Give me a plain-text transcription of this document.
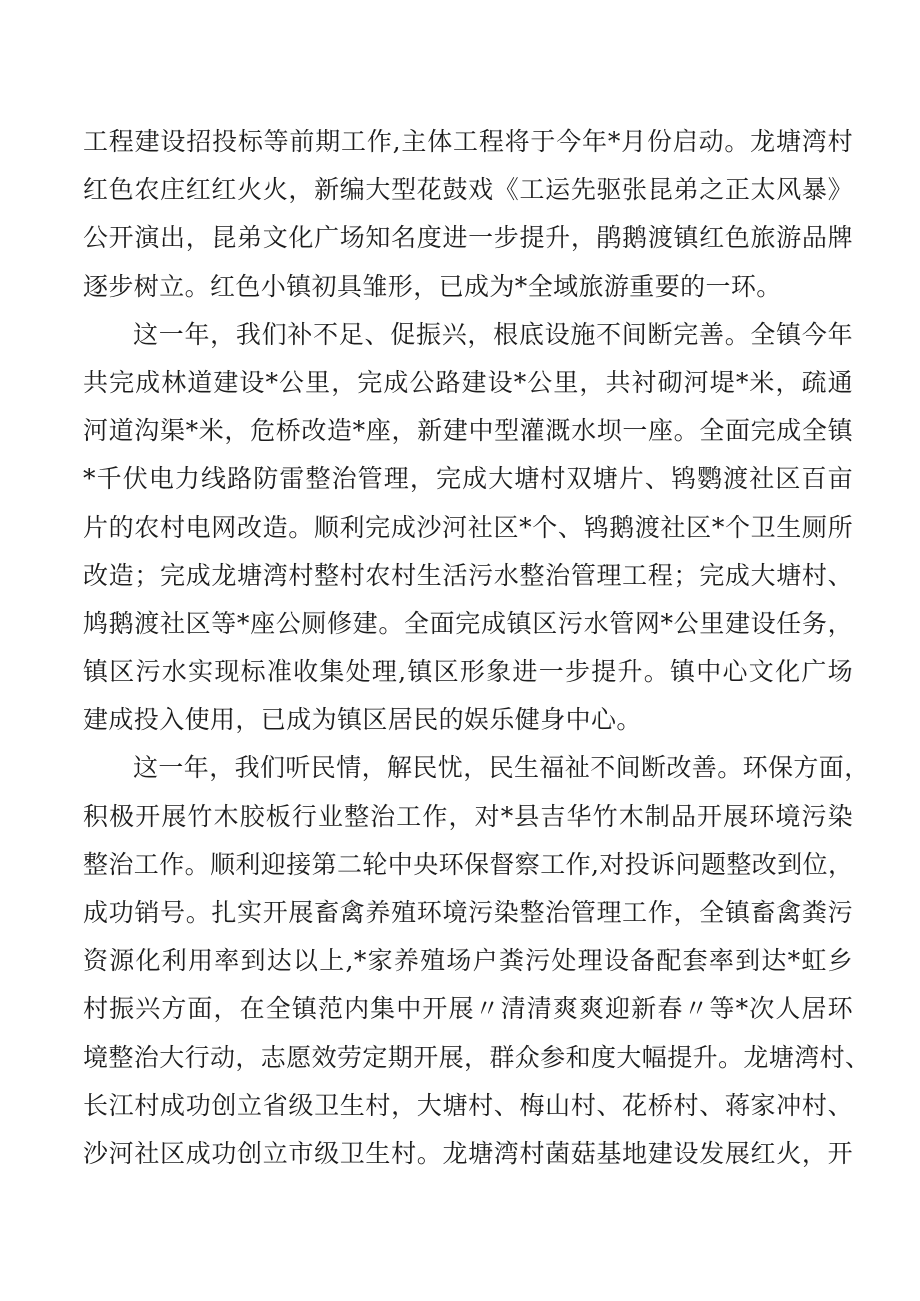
工程建设招投标等前期工作,主体工程将于今年*月份启动。龙塘湾村
红色农庄红红火火，新编大型花鼓戏《工运先驱张昆弟之正太风暴》
公开演出，昆弟文化广场知名度进一步提升，鹃鹅渡镇红色旅游品牌
逐步树立。红色小镇初具雏形，已成为*全域旅游重要的一环。
这一年，我们补不足、促振兴，根底设施不间断完善。全镇今年
共完成林道建设*公里，完成公路建设*公里，共衬砌河堤*米，疏通
河道沟渠*米，危桥改造*座，新建中型灌溉水坝一座。全面完成全镇
*千伏电力线路防雷整治管理，完成大塘村双塘片、鸨鹦渡社区百亩
片的农村电网改造。顺利完成沙河社区*个、鸨鹅渡社区*个卫生厕所
改造；完成龙塘湾村整村农村生活污水整治管理工程；完成大塘村、
鸠鹅渡社区等*座公厕修建。全面完成镇区污水管网*公里建设任务，
镇区污水实现标准收集处理,镇区形象进一步提升。镇中心文化广场
建成投入使用，已成为镇区居民的娱乐健身中心。
这一年，我们听民情，解民忧，民生福祉不间断改善。环保方面，
积极开展竹木胶板行业整治工作，对*县吉华竹木制品开展环境污染
整治工作。顺利迎接第二轮中央环保督察工作,对投诉问题整改到位，
成功销号。扎实开展畜禽养殖环境污染整治管理工作，全镇畜禽粪污
资源化利用率到达以上,*家养殖场户粪污处理设备配套率到达*虹乡
村振兴方面，在全镇范内集中开展〃清清爽爽迎新春〃等*次人居环
境整治大行动，志愿效劳定期开展，群众参和度大幅提升。龙塘湾村、
长江村成功创立省级卫生村，大塘村、梅山村、花桥村、蒋家冲村、
沙河社区成功创立市级卫生村。龙塘湾村菌菇基地建设发展红火，开
